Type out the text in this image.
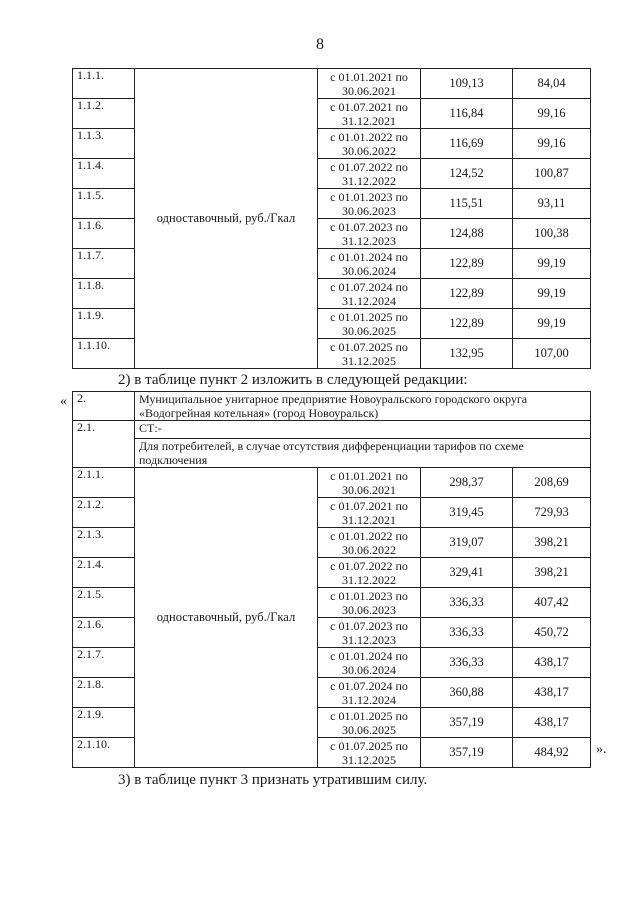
8
1.1.1.	одноставочный, руб./Гкал	с 01.01.2021 по
30.06.2021	109,13	84,04
1.1.2.		с 01.07.2021 по
31.12.2021	116,84	99,16
1.1.3.		с 01.01.2022 по
30.06.2022	116,69	99,16
1.1.4.		с 01.07.2022 по
31.12.2022	124,52	100,87
1.1.5.		с 01.01.2023 по
30.06.2023	115,51	93,11
1.1.6.		с 01.07.2023 по
31.12.2023	124,88	100,38
1.1.7.		с 01.01.2024 по
30.06.2024	122,89	99,19
1.1.8.		с 01.07.2024 по
31.12.2024	122,89	99,19
1.1.9.		с 01.01.2025 по
30.06.2025	122,89	99,19
1.1.10.		с 01.07.2025 по
31.12.2025	132,95	107,00
2) в таблице пункт 2 изложить в следующей редакции:
« 2.	Муниципальное унитарное предприятие Новоуральского городского округа «Водогрейная котельная» (город Новоуральск)			
2.1.	СТ:-			
	Для потребителей, в случае отсутствия дифференциации тарифов по схеме подключения			
2.1.1.	одноставочный, руб./Гкал	с 01.01.2021 по
30.06.2021	298,37	208,69
2.1.2.		с 01.07.2021 по
31.12.2021	319,45	729,93
2.1.3.		с 01.01.2022 по
30.06.2022	319,07	398,21
2.1.4.		с 01.07.2022 по
31.12.2022	329,41	398,21
2.1.5.		с 01.01.2023 по
30.06.2023	336,33	407,42
2.1.6.		с 01.07.2023 по
31.12.2023	336,33	450,72
2.1.7.		с 01.01.2024 по
30.06.2024	336,33	438,17
2.1.8.		с 01.07.2024 по
31.12.2024	360,88	438,17
2.1.9.		с 01.01.2025 по
30.06.2025	357,19	438,17
2.1.10.		с 01.07.2025 по
31.12.2025	357,19	484,92 ».
3) в таблице пункт 3 признать утратившим силу.
